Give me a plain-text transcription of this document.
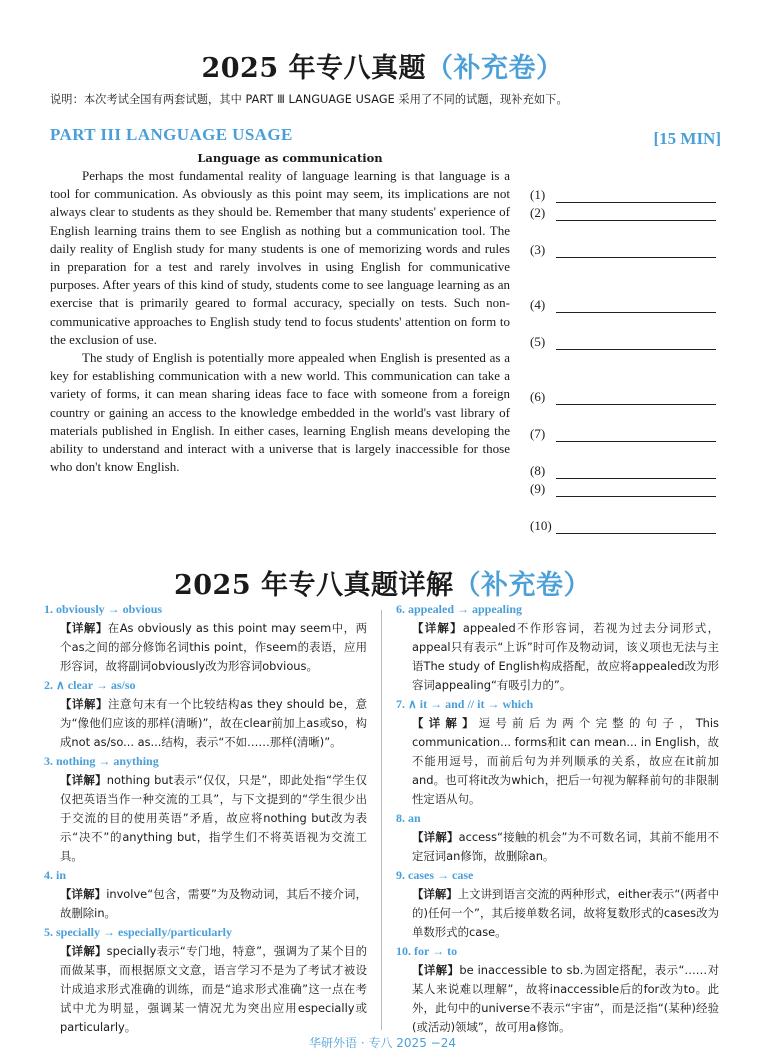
2025 年专八真题（补充卷）
说明：本次考试全国有两套试题，其中 PART Ⅲ LANGUAGE USAGE 采用了不同的试题，现补充如下。
PART III LANGUAGE USAGE	[15 MIN]
Language as communication

Perhaps the most fundamental reality of language learning is that language is a tool for communication. As obviously as this point may seem, its implications are not always clear to students as they should be. Remember that many students' experience of English learning trains them to see English as nothing but a communication tool. The daily reality of English study for many students is one of memorizing words and rules in preparation for a test and rarely involves in using English for communicative purposes. After years of this kind of study, students come to see language learning as an exercise that is primarily geared to formal accuracy, specially on tests. Such non-communicative approaches to English study tend to focus students' attention on form to the exclusion of use.

The study of English is potentially more appealed when English is presented as a key for establishing communication with a new world. This communication can take a variety of forms, it can mean sharing ideas face to face with someone from a foreign country or gaining an access to the knowledge embedded in the world's vast library of materials published in English. In either cases, learning English means developing the ability to understand and interact with a universe that is largely inaccessible for those who don't know English.

(1)
(2)
(3)
(4)
(5)
(6)
(7)
(8)
(9)
(10)
2025 年专八真题详解（补充卷）
1. obviously → obvious
【详解】在As obviously as this point may seem中，两个as之间的部分修饰名词this point，作seem的表语，应用形容词，故将副词obviously改为形容词obvious。
2. ∧ clear → as/so
【详解】注意句末有一个比较结构as they should be，意为“像他们应该的那样(清晰)”，故在clear前加上as或so，构成not as/so... as...结构，表示“不如……那样(清晰)”。
3. nothing → anything
【详解】nothing but表示“仅仅，只是”，即此处指“学生仅仅把英语当作一种交流的工具”，与下文提到的“学生很少出于交流的目的使用英语”矛盾，故应将nothing but改为表示“决不”的anything but，指学生们不将英语视为交流工具。
4. in
【详解】involve“包含，需要”为及物动词，其后不接介词，故删除in。
5. specially → especially/particularly
【详解】specially表示“专门地，特意”，强调为了某个目的而做某事，而根据原文文意，语言学习不是为了考试才被设计成追求形式准确的训练，而是“追求形式准确”这一点在考试中尤为明显，强调某一情况尤为突出应用especially或particularly。
6. appealed → appealing
【详解】appealed不作形容词，若视为过去分词形式，appeal只有表示“上诉”时可作及物动词，该义项也无法与主语The study of English构成搭配，故应将appealed改为形容词appealing“有吸引力的”。
7. ∧ it → and // it → which
【详解】逗号前后为两个完整的句子，This communication... forms和it can mean... in English，故不能用逗号，而前后句为并列顺承的关系，故应在it前加and。也可将it改为which，把后一句视为解释前句的非限制性定语从句。
8. an
【详解】access“接触的机会”为不可数名词，其前不能用不定冠词an修饰，故删除an。
9. cases → case
【详解】上文讲到语言交流的两种形式，either表示“(两者中的)任何一个”，其后接单数名词，故将复数形式的cases改为单数形式的case。
10. for → to
【详解】be inaccessible to sb.为固定搭配，表示“……对某人来说难以理解”，故将inaccessible后的for改为to。此外，此句中的universe不表示“宇宙”，而是泛指“(某种)经验(或活动)领域”，故可用a修饰。
华研外语 · 专八 2025 −24
